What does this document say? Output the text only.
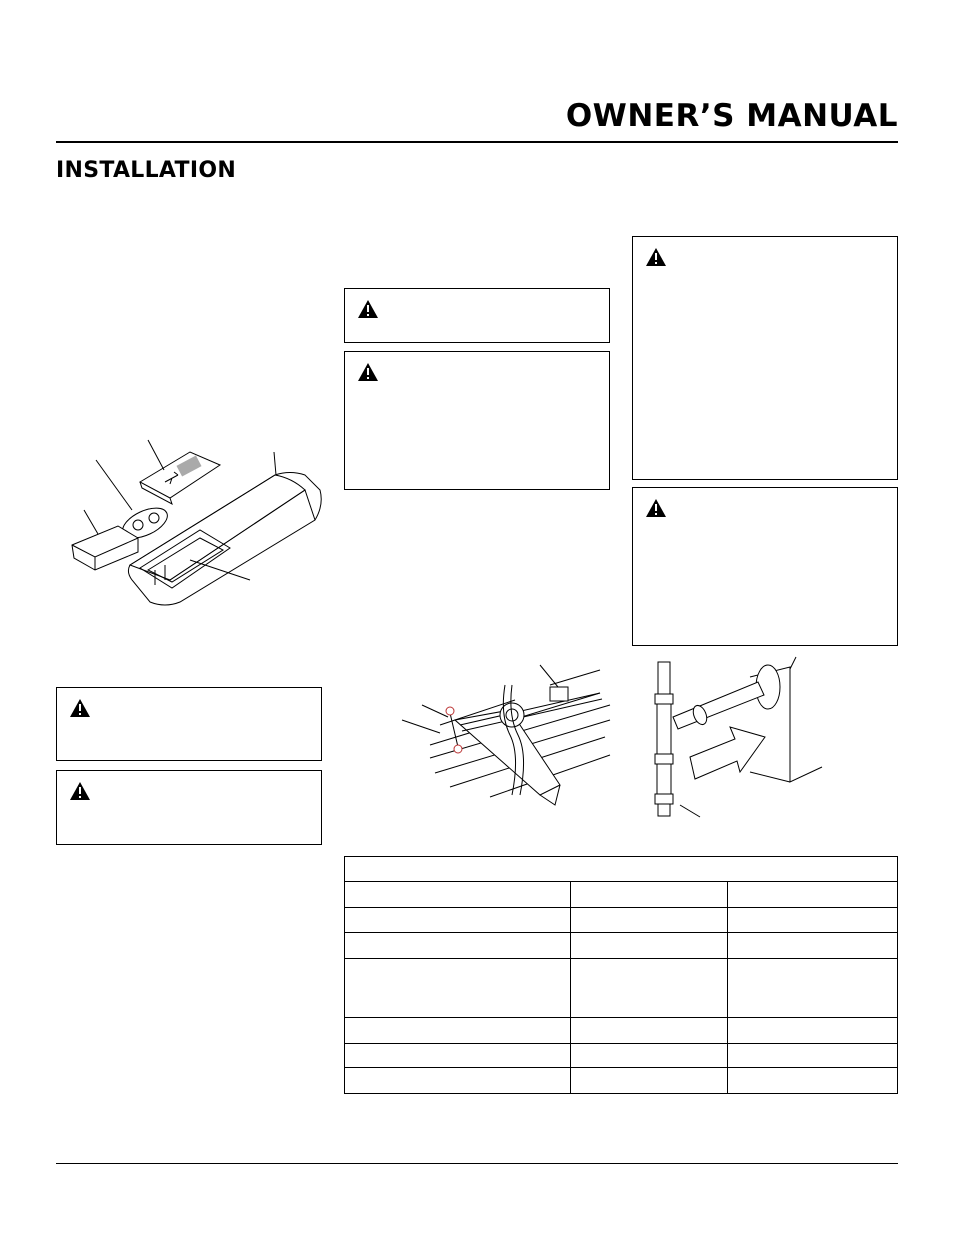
OWNER’S MANUAL
INSTALLATION
